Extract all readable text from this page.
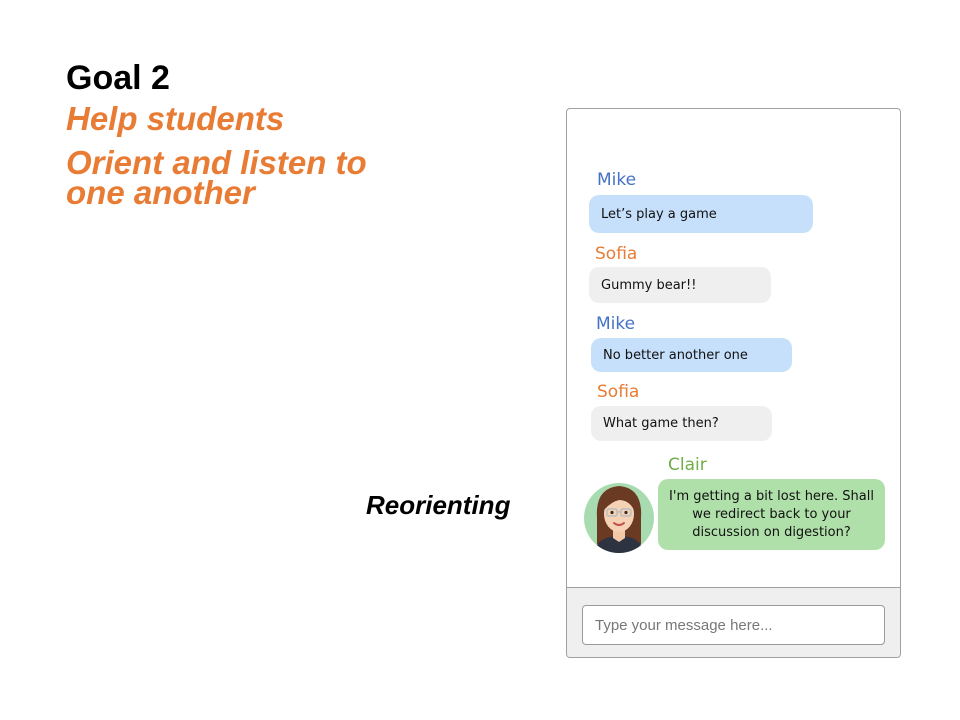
Goal 2
Help students
Orient and listen to one another
Reorienting
Mike
Let’s play a game
Sofia
Gummy bear!!
Mike
No better another one
Sofia
What game then?
Clair
I'm getting a bit lost here. Shall we redirect back to your discussion on digestion?
Type your message here...
